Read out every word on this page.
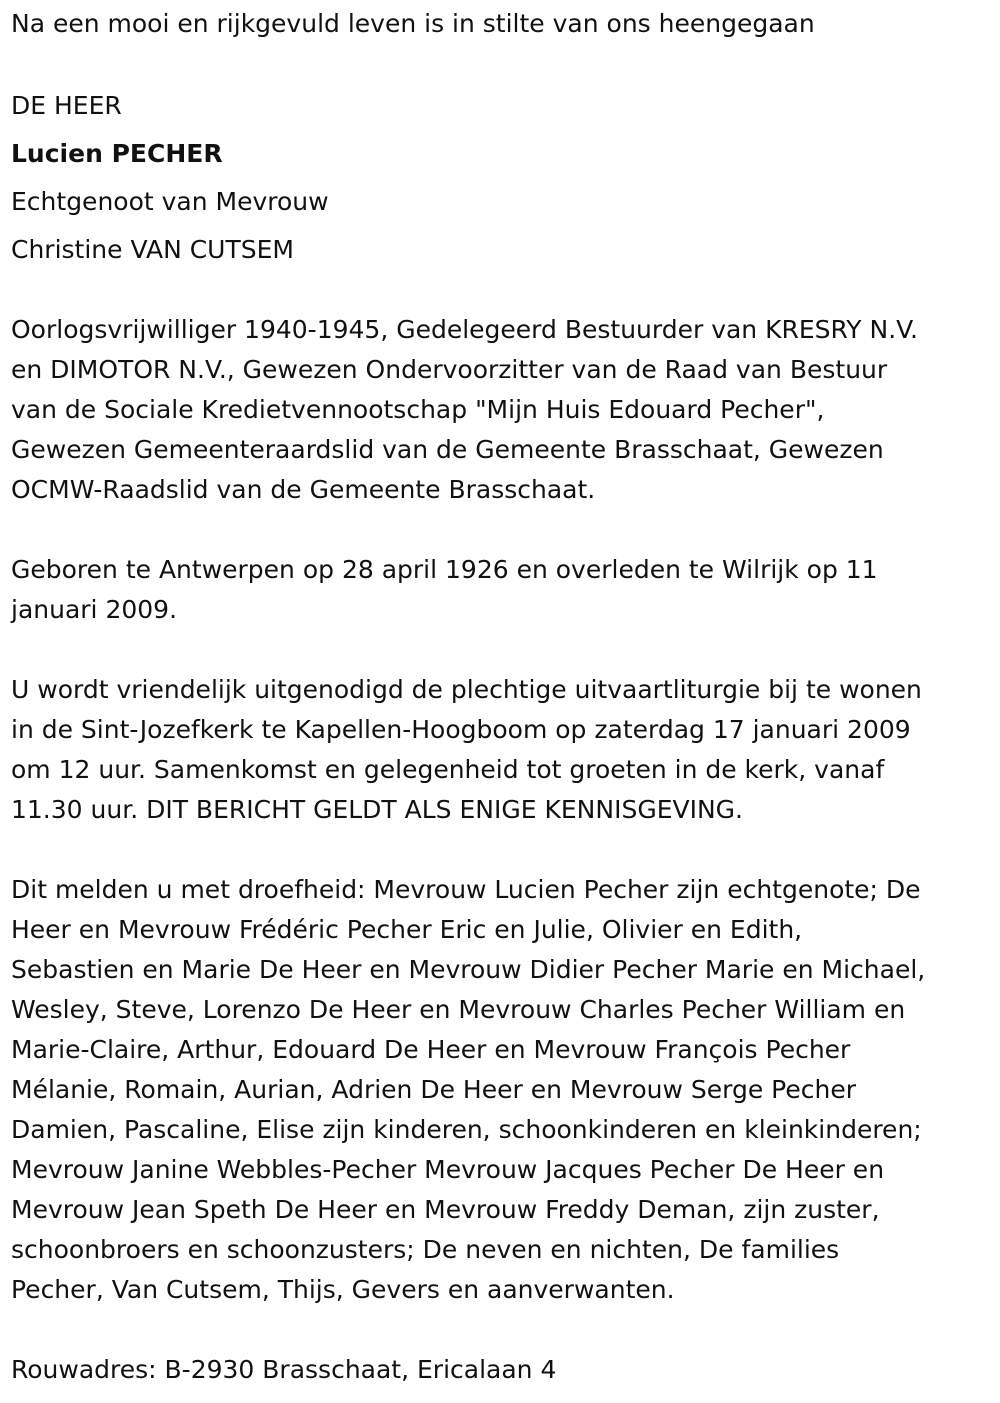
Na een mooi en rijkgevuld leven is in stilte van ons heengegaan
DE HEER
Lucien PECHER
Echtgenoot van Mevrouw
Christine VAN CUTSEM
Oorlogsvrijwilliger 1940-1945, Gedelegeerd Bestuurder van KRESRY N.V.
en DIMOTOR N.V., Gewezen Ondervoorzitter van de Raad van Bestuur
van de Sociale Kredietvennootschap "Mijn Huis Edouard Pecher",
Gewezen Gemeenteraardslid van de Gemeente Brasschaat, Gewezen
OCMW-Raadslid van de Gemeente Brasschaat.
Geboren te Antwerpen op 28 april 1926 en overleden te Wilrijk op 11
januari 2009.
U wordt vriendelijk uitgenodigd de plechtige uitvaartliturgie bij te wonen
in de Sint-Jozefkerk te Kapellen-Hoogboom op zaterdag 17 januari 2009
om 12 uur. Samenkomst en gelegenheid tot groeten in de kerk, vanaf
11.30 uur. DIT BERICHT GELDT ALS ENIGE KENNISGEVING.
Dit melden u met droefheid: Mevrouw Lucien Pecher zijn echtgenote; De
Heer en Mevrouw Frédéric Pecher Eric en Julie, Olivier en Edith,
Sebastien en Marie De Heer en Mevrouw Didier Pecher Marie en Michael,
Wesley, Steve, Lorenzo De Heer en Mevrouw Charles Pecher William en
Marie-Claire, Arthur, Edouard De Heer en Mevrouw François Pecher
Mélanie, Romain, Aurian, Adrien De Heer en Mevrouw Serge Pecher
Damien, Pascaline, Elise zijn kinderen, schoonkinderen en kleinkinderen;
Mevrouw Janine Webbles-Pecher Mevrouw Jacques Pecher De Heer en
Mevrouw Jean Speth De Heer en Mevrouw Freddy Deman, zijn zuster,
schoonbroers en schoonzusters; De neven en nichten, De families
Pecher, Van Cutsem, Thijs, Gevers en aanverwanten.
Rouwadres: B-2930 Brasschaat, Ericalaan 4
